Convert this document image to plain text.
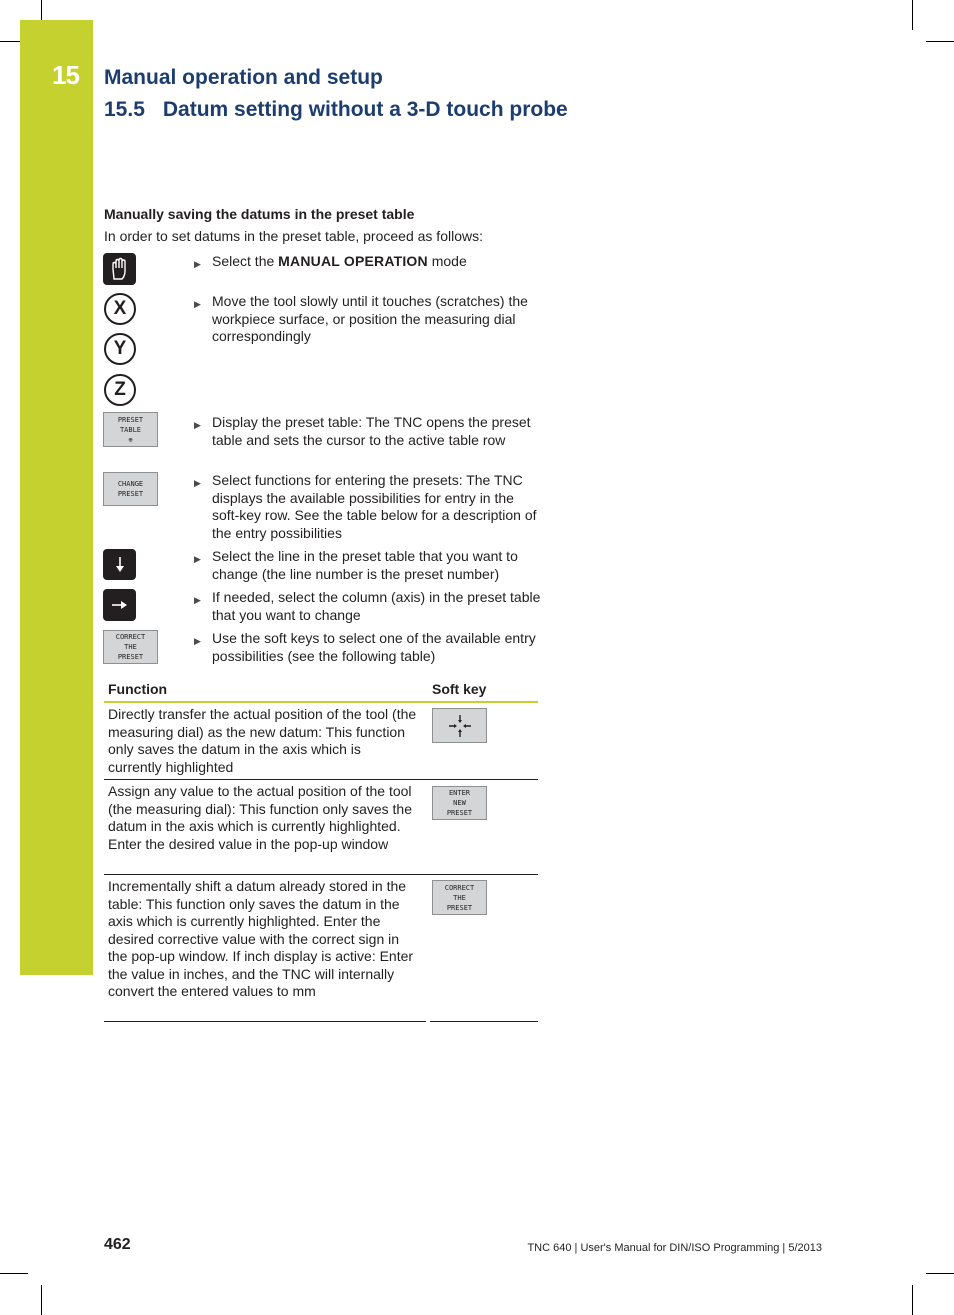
15 Manual operation and setup
15.5 Datum setting without a 3-D touch probe
Manually saving the datums in the preset table
In order to set datums in the preset table, proceed as follows:
X
Y
Z
PRESET
TABLE
⊕
CHANGE
PRESET
CORRECT
THE
PRESET
▶ Select the MANUAL OPERATION mode
▶ Move the tool slowly until it touches (scratches) the workpiece surface, or position the measuring dial correspondingly
▶ Display the preset table: The TNC opens the preset table and sets the cursor to the active table row
▶ Select functions for entering the presets: The TNC displays the available possibilities for entry in the soft-key row. See the table below for a description of the entry possibilities
▶ Select the line in the preset table that you want to change (the line number is the preset number)
▶ If needed, select the column (axis) in the preset table that you want to change
▶ Use the soft keys to select one of the available entry possibilities (see the following table)
Function	Soft key
Directly transfer the actual position of the tool (the measuring dial) as the new datum: This function only saves the datum in the axis which is currently highlighted
Assign any value to the actual position of the tool (the measuring dial): This function only saves the datum in the axis which is currently highlighted. Enter the desired value in the pop-up window
ENTER
NEW
PRESET
Incrementally shift a datum already stored in the table: This function only saves the datum in the axis which is currently highlighted. Enter the desired corrective value with the correct sign in the pop-up window. If inch display is active: Enter the value in inches, and the TNC will internally convert the entered values to mm
CORRECT
THE
PRESET
462	TNC 640 | User's Manual for DIN/ISO Programming | 5/2013
